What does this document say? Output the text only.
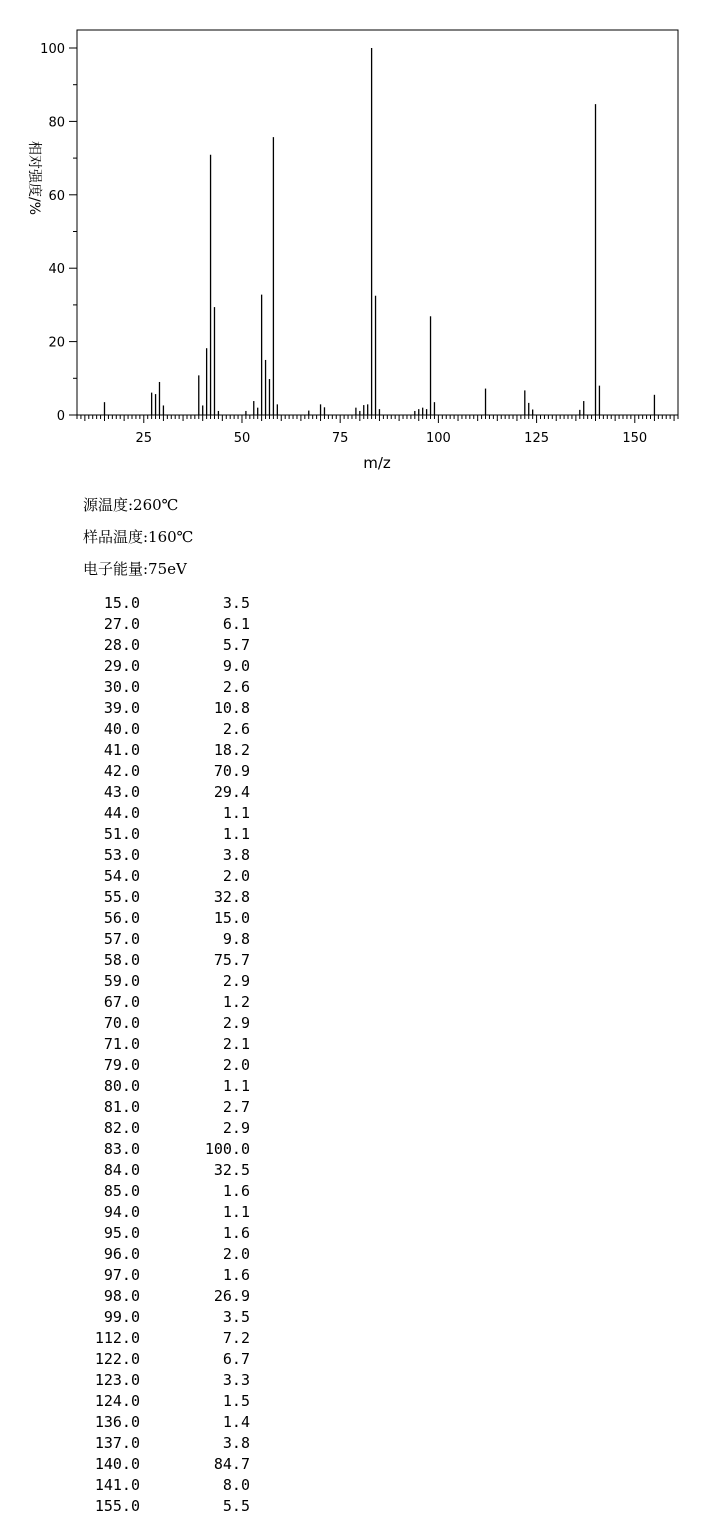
0
20
40
60
80
100
25	50	75	100	125	150
m/z
相对强度/%
源温度:260℃
样品温度:160℃
电子能量:75eV
15.0	3.5
27.0	6.1
28.0	5.7
29.0	9.0
30.0	2.6
39.0	10.8
40.0	2.6
41.0	18.2
42.0	70.9
43.0	29.4
44.0	1.1
51.0	1.1
53.0	3.8
54.0	2.0
55.0	32.8
56.0	15.0
57.0	9.8
58.0	75.7
59.0	2.9
67.0	1.2
70.0	2.9
71.0	2.1
79.0	2.0
80.0	1.1
81.0	2.7
82.0	2.9
83.0	100.0
84.0	32.5
85.0	1.6
94.0	1.1
95.0	1.6
96.0	2.0
97.0	1.6
98.0	26.9
99.0	3.5
112.0	7.2
122.0	6.7
123.0	3.3
124.0	1.5
136.0	1.4
137.0	3.8
140.0	84.7
141.0	8.0
155.0	5.5
